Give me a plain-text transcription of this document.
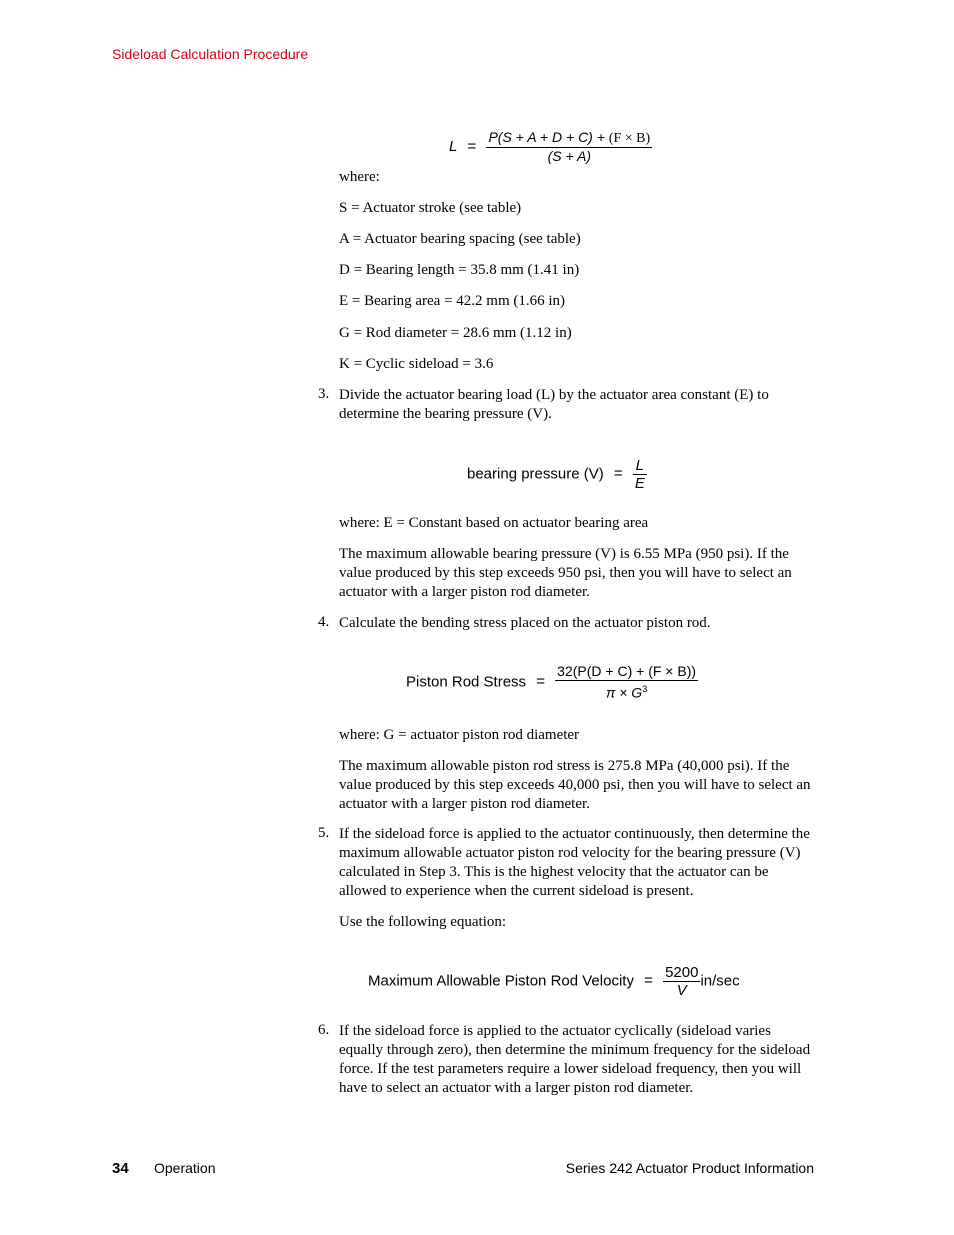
Sideload Calculation Procedure
$L = \frac{P(S + A + D + C) + (F \times B)}{(S + A)}$
where:
S = Actuator stroke (see table)
A = Actuator bearing spacing (see table)
D = Bearing length = 35.8 mm (1.41 in)
E = Bearing area = 42.2 mm (1.66 in)
G = Rod diameter = 28.6 mm (1.12 in)
K = Cyclic sideload = 3.6
3. Divide the actuator bearing load (L) by the actuator area constant (E) to determine the bearing pressure (V).
bearing pressure $(V) = \frac{L}{E}$
where: E = Constant based on actuator bearing area
The maximum allowable bearing pressure (V) is 6.55 MPa (950 psi). If the value produced by this step exceeds 950 psi, then you will have to select an actuator with a larger piston rod diameter.
4. Calculate the bending stress placed on the actuator piston rod.
Piston Rod Stress = $\frac{32(P(D + C) + (F \times B))}{\pi \times G^3}$
where: G = actuator piston rod diameter
The maximum allowable piston rod stress is 275.8 MPa (40,000 psi). If the value produced by this step exceeds 40,000 psi, then you will have to select an actuator with a larger piston rod diameter.
5. If the sideload force is applied to the actuator continuously, then determine the maximum allowable actuator piston rod velocity for the bearing pressure (V) calculated in Step 3. This is the highest velocity that the actuator can be allowed to experience when the current sideload is present.
Use the following equation:
Maximum Allowable Piston Rod Velocity = $\frac{5200}{V} in/\sec$
6. If the sideload force is applied to the actuator cyclically (sideload varies equally through zero), then determine the minimum frequency for the sideload force. If the test parameters require a lower sideload frequency, then you will have to select an actuator with a larger piston rod diameter.
34 Operation	Series 242 Actuator Product Information
